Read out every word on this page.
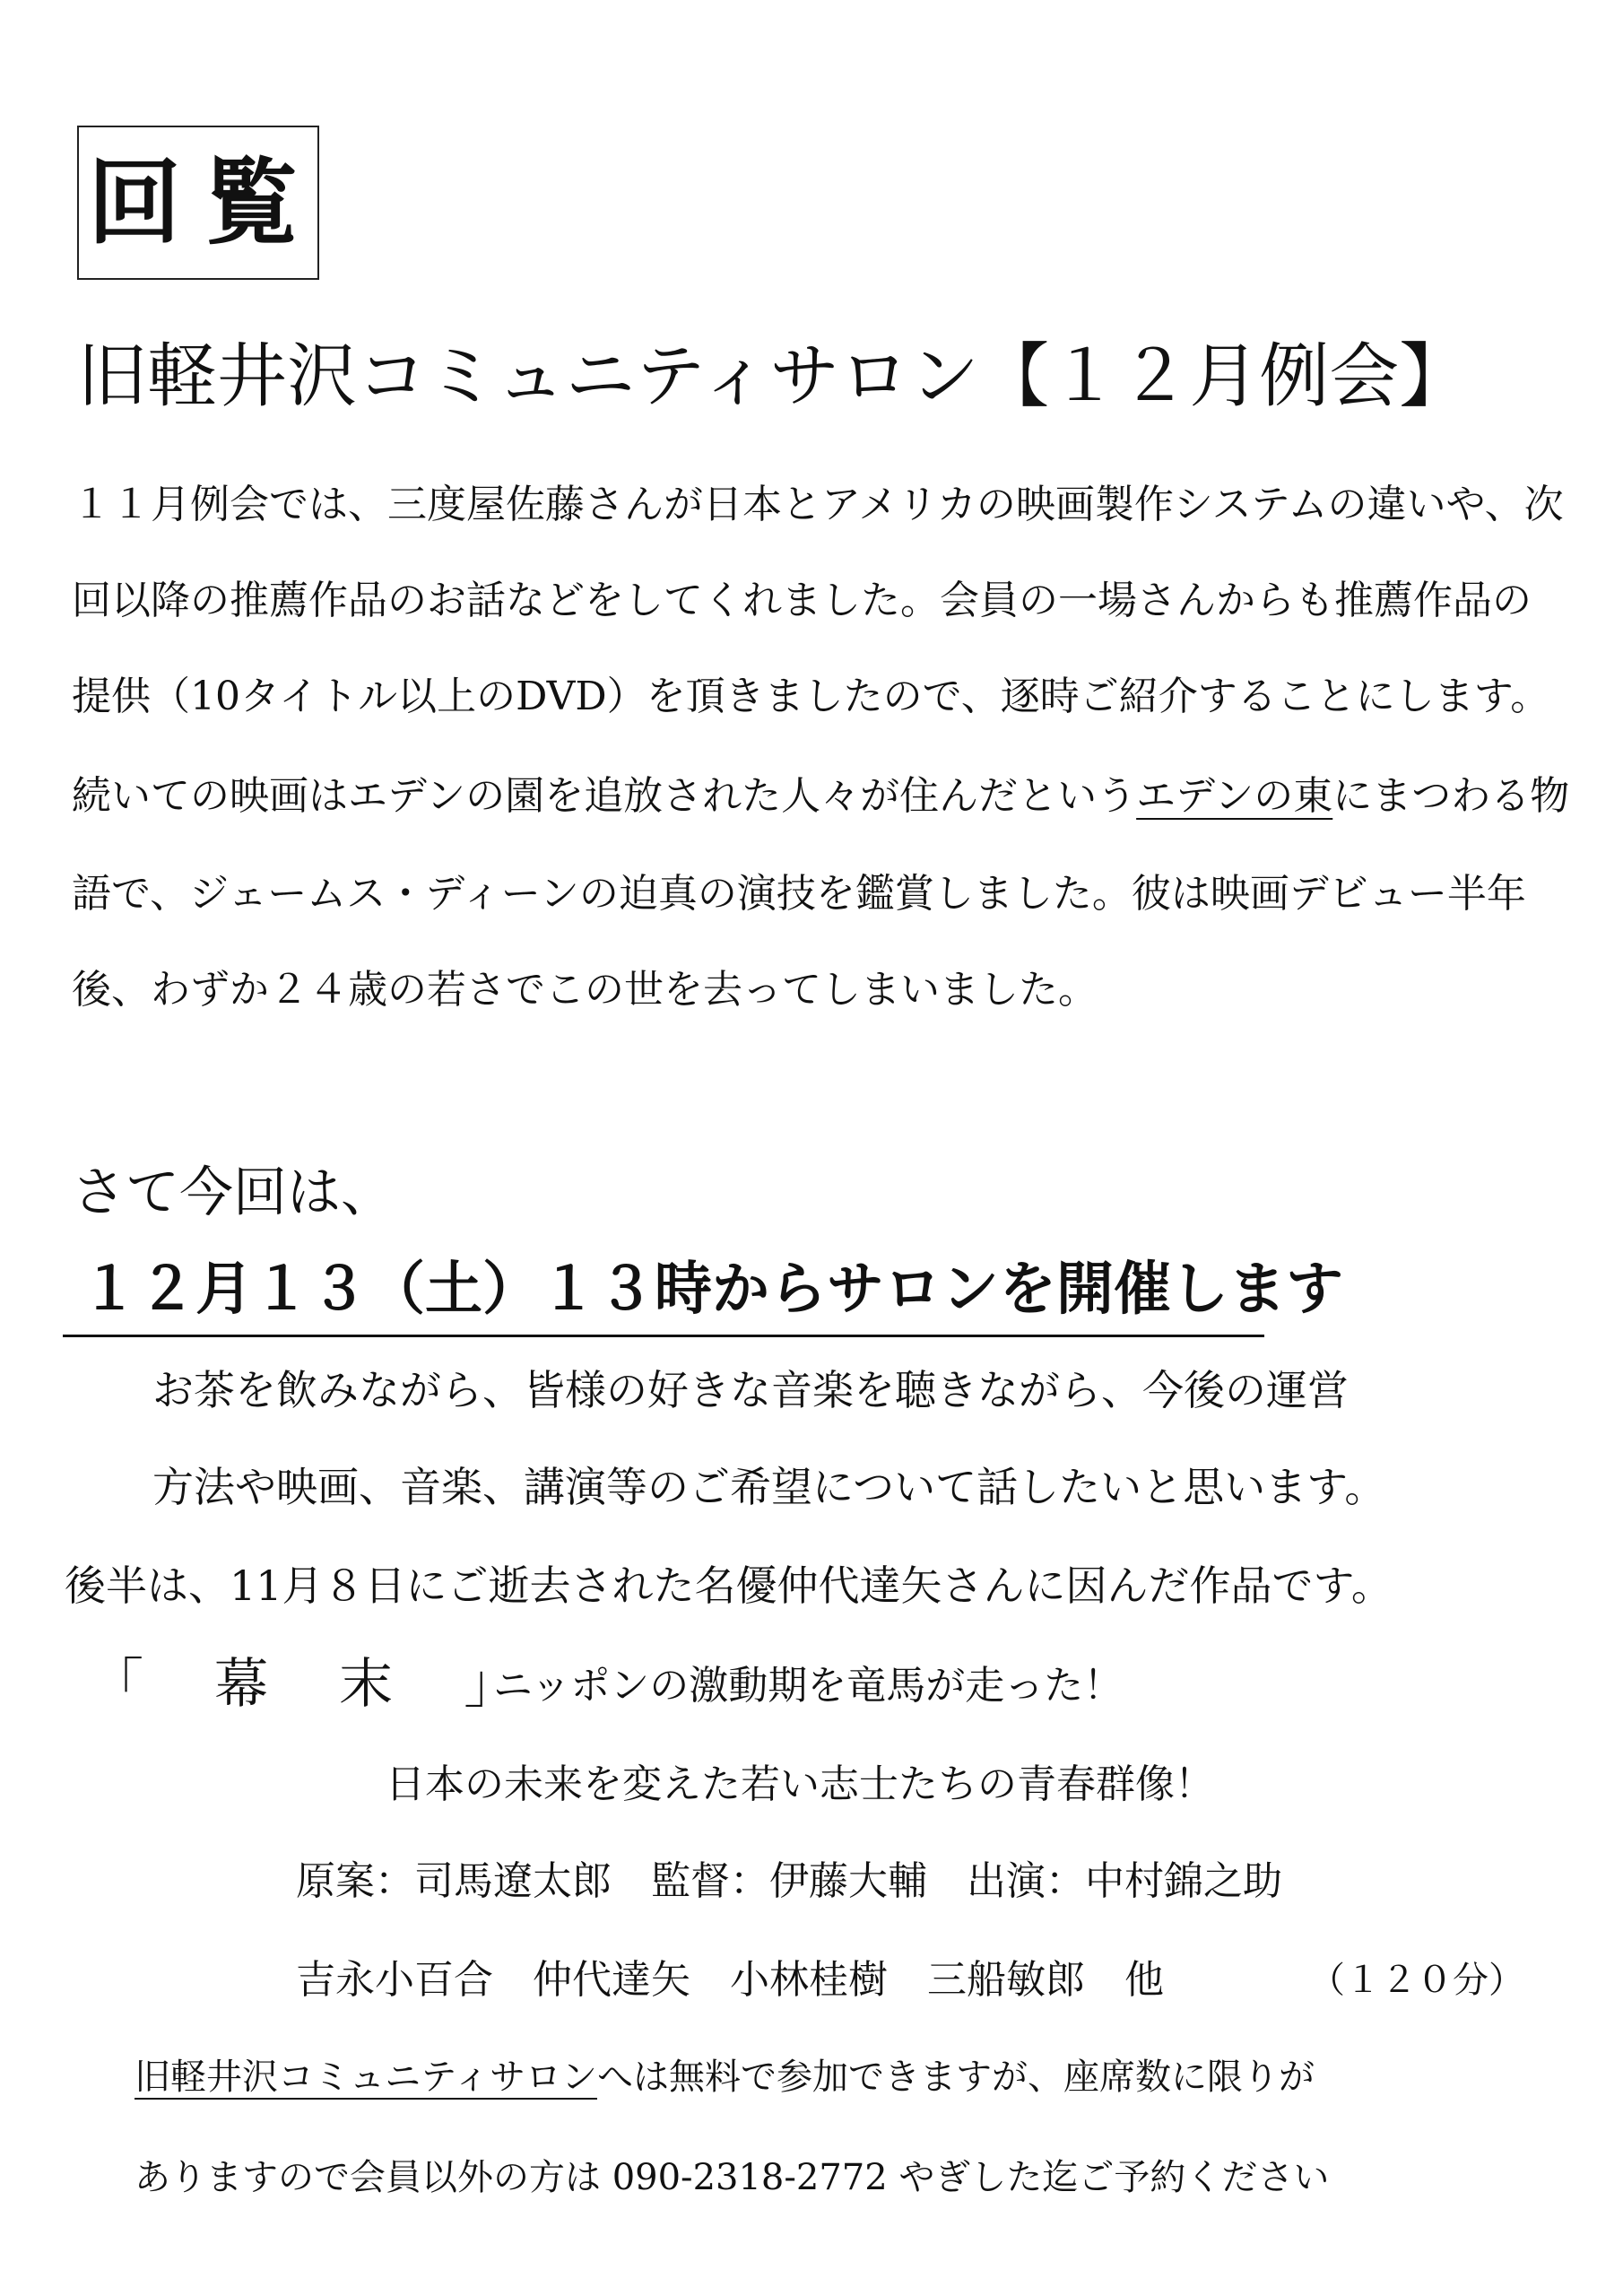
回覧
旧軽井沢コミュニティサロン【１２月例会】
１１月例会では、三度屋佐藤さんが日本とアメリカの映画製作システムの違いや、次
回以降の推薦作品のお話などをしてくれました。会員の一場さんからも推薦作品の
提供（10タイトル以上のDVD）を頂きましたので、逐時ご紹介することにします。
続いての映画はエデンの園を追放された人々が住んだというエデンの東にまつわる物
語で、ジェームス・ディーンの迫真の演技を鑑賞しました。彼は映画デビュー半年
後、わずか２４歳の若さでこの世を去ってしまいました。
さて今回は、
１２月１３（土）１３時からサロンを開催します
お茶を飲みながら、皆様の好きな音楽を聴きながら、今後の運営
方法や映画、音楽、講演等のご希望について話したいと思います。
後半は、11月８日にご逝去された名優仲代達矢さんに因んだ作品です。
「 幕 末 」
ニッポンの激動期を竜馬が走った！
日本の未来を変えた若い志士たちの青春群像！
原案：司馬遼太郎　監督：伊藤大輔　出演：中村錦之助
吉永小百合　仲代達矢　小林桂樹　三船敏郎　他	（１２０分）
旧軽井沢コミュニティサロンへは無料で参加できますが、座席数に限りが
ありますので会員以外の方は 090-2318-2772 やぎした迄ご予約ください
